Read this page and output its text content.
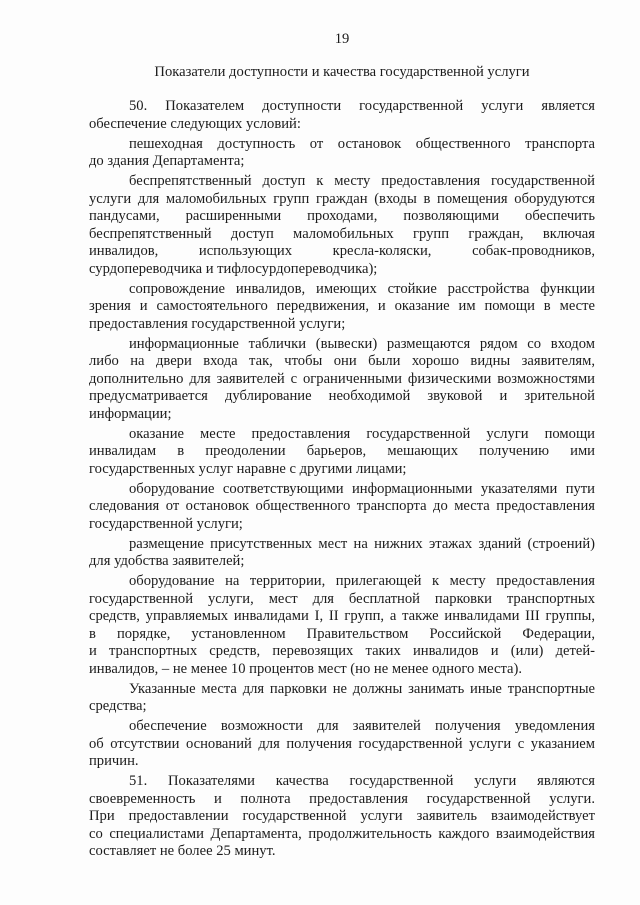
19
Показатели доступности и качества государственной услуги
50. Показателем доступности государственной услуги является
обеспечение следующих условий:
пешеходная доступность от остановок общественного транспорта
до здания Департамента;
беспрепятственный доступ к месту предоставления государственной
услуги для маломобильных групп граждан (входы в помещения оборудуются
пандусами, расширенными проходами, позволяющими обеспечить
беспрепятственный доступ маломобильных групп граждан, включая
инвалидов, использующих кресла-коляски, собак-проводников,
сурдопереводчика и тифлосурдопереводчика);
сопровождение инвалидов, имеющих стойкие расстройства функции
зрения и самостоятельного передвижения, и оказание им помощи в месте
предоставления государственной услуги;
информационные таблички (вывески) размещаются рядом со входом
либо на двери входа так, чтобы они были хорошо видны заявителям,
дополнительно для заявителей с ограниченными физическими возможностями
предусматривается дублирование необходимой звуковой и зрительной
информации;
оказание месте предоставления государственной услуги помощи
инвалидам в преодолении барьеров, мешающих получению ими
государственных услуг наравне с другими лицами;
оборудование соответствующими информационными указателями пути
следования от остановок общественного транспорта до места предоставления
государственной услуги;
размещение присутственных мест на нижних этажах зданий (строений)
для удобства заявителей;
оборудование на территории, прилегающей к месту предоставления
государственной услуги, мест для бесплатной парковки транспортных
средств, управляемых инвалидами I, II групп, а также инвалидами III группы,
в порядке, установленном Правительством Российской Федерации,
и транспортных средств, перевозящих таких инвалидов и (или) детей-
инвалидов, – не менее 10 процентов мест (но не менее одного места).
Указанные места для парковки не должны занимать иные транспортные
средства;
обеспечение возможности для заявителей получения уведомления
об отсутствии оснований для получения государственной услуги с указанием
причин.
51. Показателями качества государственной услуги являются
своевременность и полнота предоставления государственной услуги.
При предоставлении государственной услуги заявитель взаимодействует
со специалистами Департамента, продолжительность каждого взаимодействия
составляет не более 25 минут.
